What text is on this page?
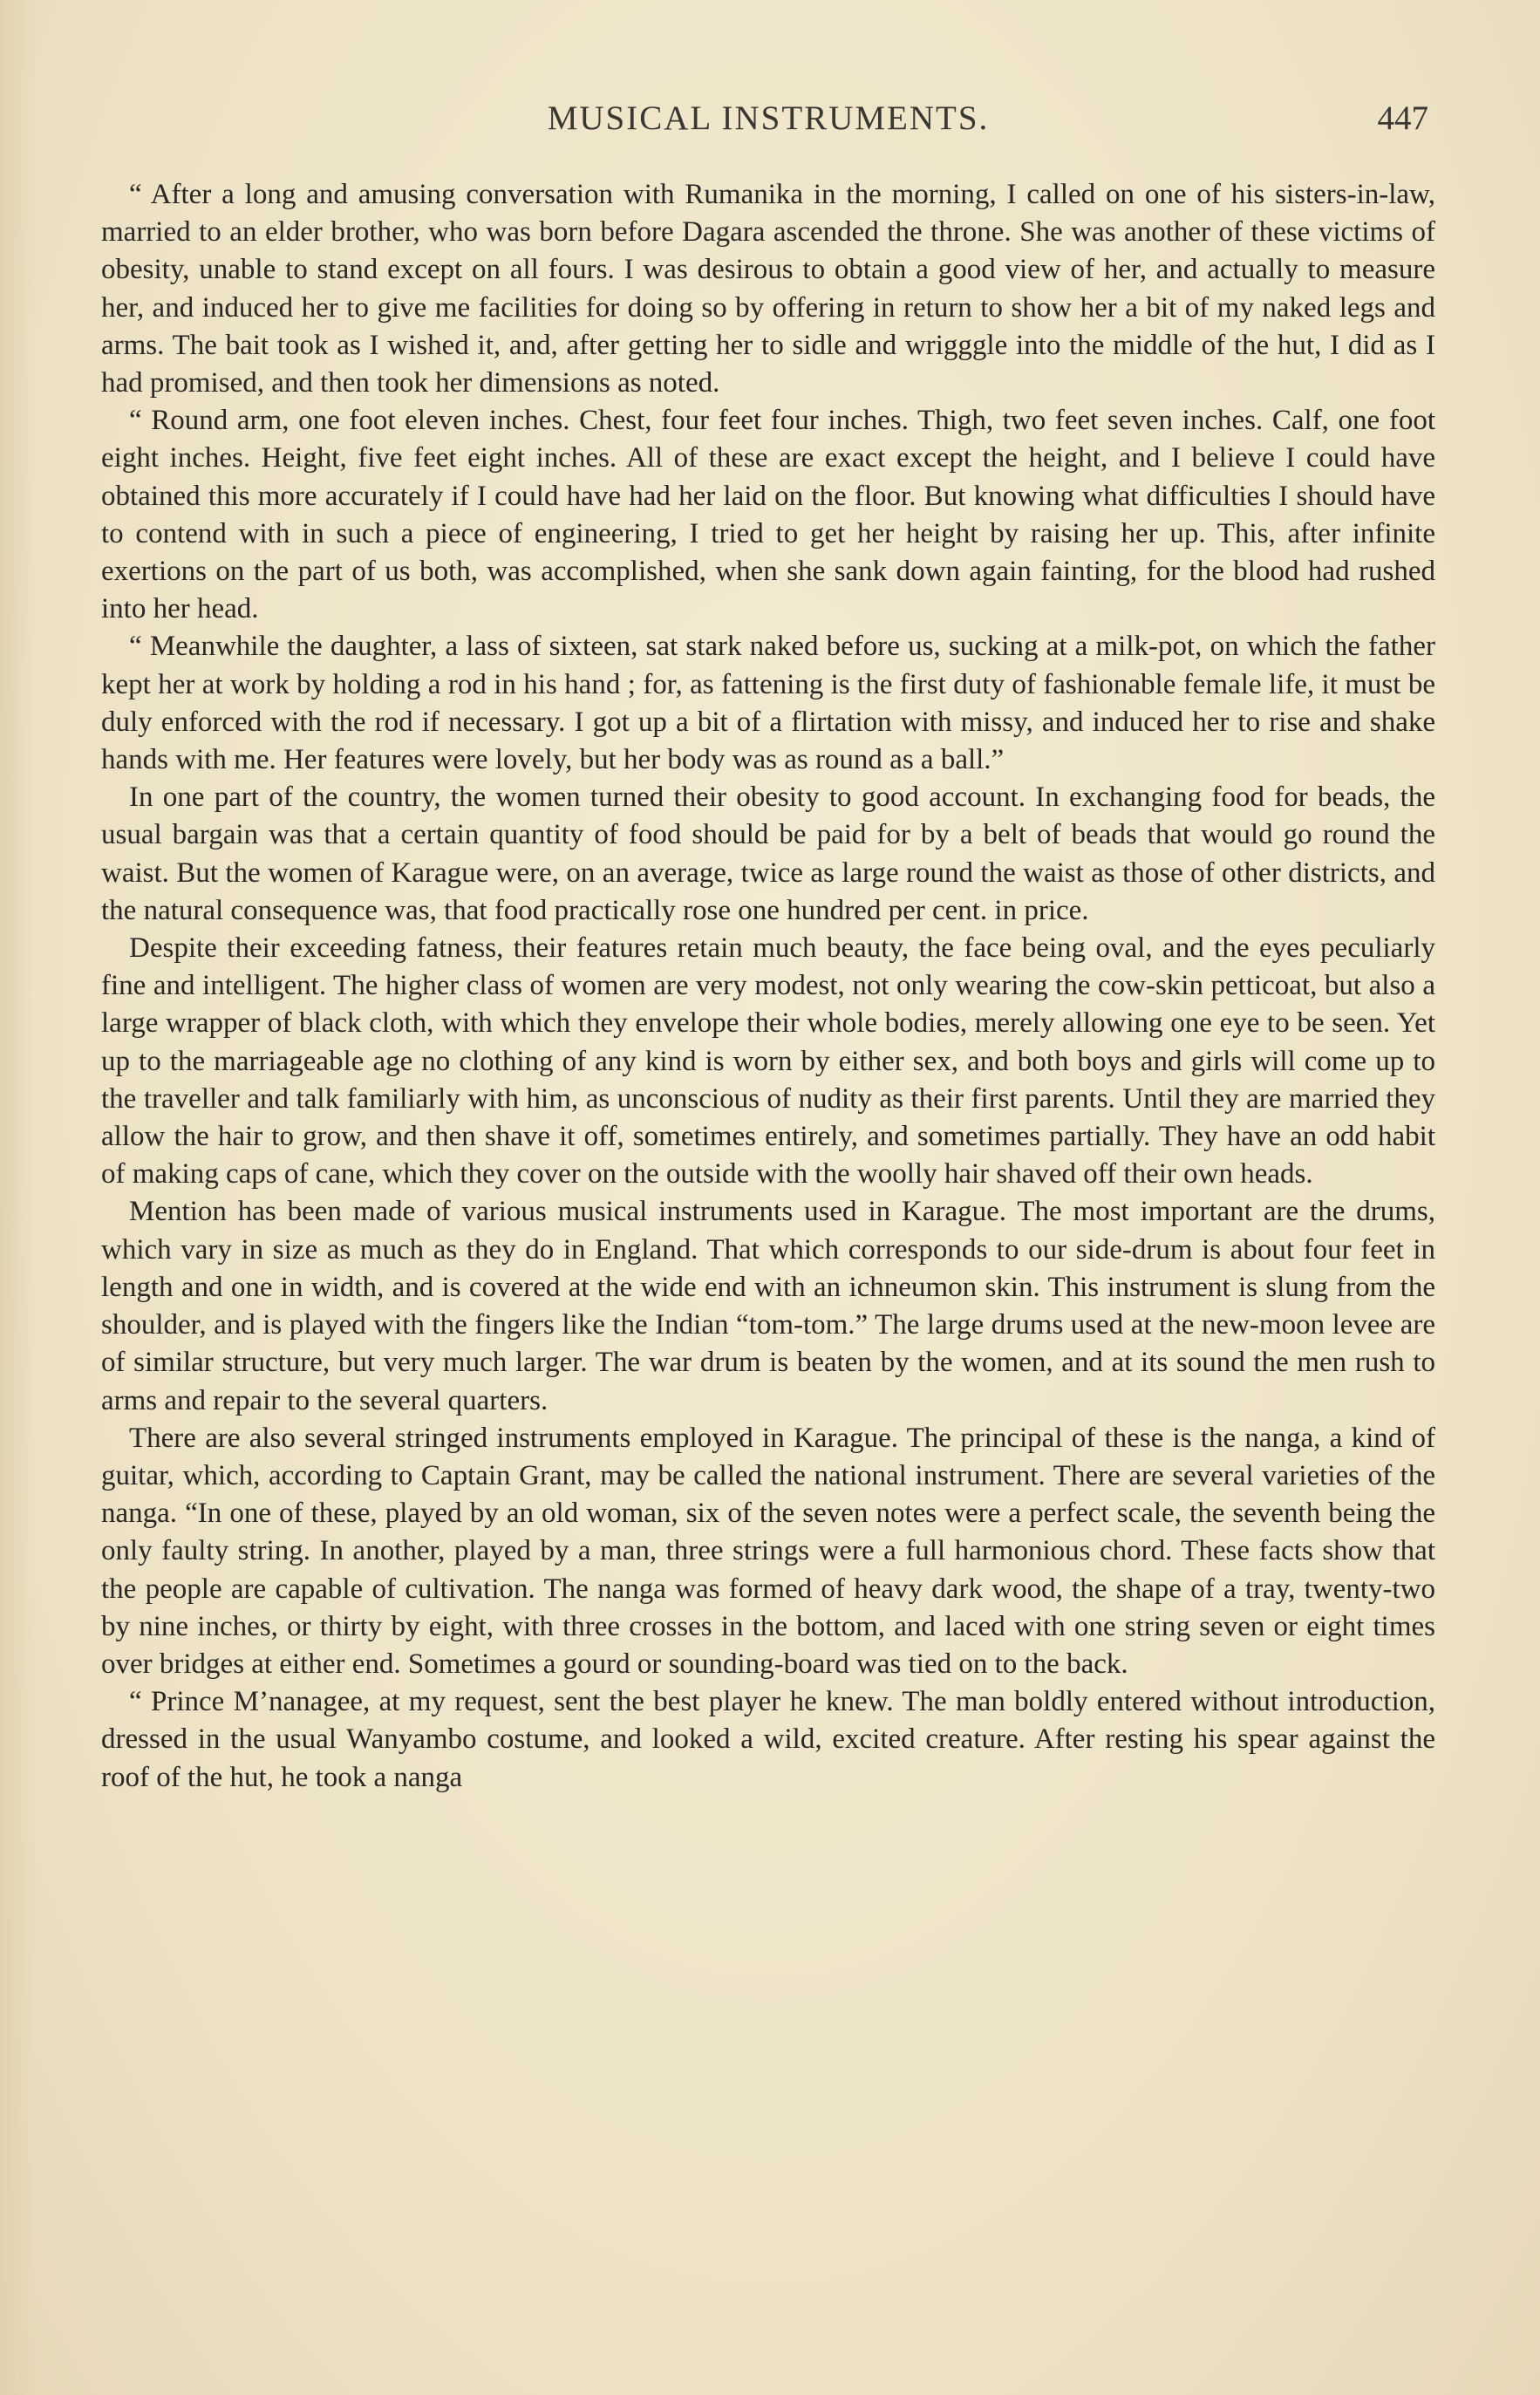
MUSICAL INSTRUMENTS.	447

“ After a long and amusing conversation with Rumanika in the morning, I called on one of his sisters-in-law, married to an elder brother, who was born before Dagara ascended the throne. She was another of these victims of obesity, unable to stand except on all fours. I was desirous to obtain a good view of her, and actually to measure her, and induced her to give me facilities for doing so by offering in return to show her a bit of my naked legs and arms. The bait took as I wished it, and, after getting her to sidle and wrigggle into the middle of the hut, I did as I had promised, and then took her dimensions as noted.

“ Round arm, one foot eleven inches. Chest, four feet four inches. Thigh, two feet seven inches. Calf, one foot eight inches. Height, five feet eight inches. All of these are exact except the height, and I believe I could have obtained this more accurately if I could have had her laid on the floor. But knowing what difficulties I should have to contend with in such a piece of engineering, I tried to get her height by raising her up. This, after infinite exertions on the part of us both, was accomplished, when she sank down again fainting, for the blood had rushed into her head.

“ Meanwhile the daughter, a lass of sixteen, sat stark naked before us, sucking at a milk-pot, on which the father kept her at work by holding a rod in his hand ; for, as fattening is the first duty of fashionable female life, it must be duly enforced with the rod if necessary. I got up a bit of a flirtation with missy, and induced her to rise and shake hands with me. Her features were lovely, but her body was as round as a ball.”

In one part of the country, the women turned their obesity to good account. In exchanging food for beads, the usual bargain was that a certain quantity of food should be paid for by a belt of beads that would go round the waist. But the women of Karague were, on an average, twice as large round the waist as those of other districts, and the natural consequence was, that food practically rose one hundred per cent. in price.

Despite their exceeding fatness, their features retain much beauty, the face being oval, and the eyes peculiarly fine and intelligent. The higher class of women are very modest, not only wearing the cow-skin petticoat, but also a large wrapper of black cloth, with which they envelope their whole bodies, merely allowing one eye to be seen. Yet up to the marriageable age no clothing of any kind is worn by either sex, and both boys and girls will come up to the traveller and talk familiarly with him, as unconscious of nudity as their first parents. Until they are married they allow the hair to grow, and then shave it off, sometimes entirely, and sometimes partially. They have an odd habit of making caps of cane, which they cover on the outside with the woolly hair shaved off their own heads.

Mention has been made of various musical instruments used in Karague. The most important are the drums, which vary in size as much as they do in England. That which corresponds to our side-drum is about four feet in length and one in width, and is covered at the wide end with an ichneumon skin. This instrument is slung from the shoulder, and is played with the fingers like the Indian “tom-tom.” The large drums used at the new-moon levee are of similar structure, but very much larger. The war drum is beaten by the women, and at its sound the men rush to arms and repair to the several quarters.

There are also several stringed instruments employed in Karague. The principal of these is the nanga, a kind of guitar, which, according to Captain Grant, may be called the national instrument. There are several varieties of the nanga. “In one of these, played by an old woman, six of the seven notes were a perfect scale, the seventh being the only faulty string. In another, played by a man, three strings were a full harmonious chord. These facts show that the people are capable of cultivation. The nanga was formed of heavy dark wood, the shape of a tray, twenty-two by nine inches, or thirty by eight, with three crosses in the bottom, and laced with one string seven or eight times over bridges at either end. Sometimes a gourd or sounding-board was tied on to the back.

“ Prince M’nanagee, at my request, sent the best player he knew. The man boldly entered without introduction, dressed in the usual Wanyambo costume, and looked a wild, excited creature. After resting his spear against the roof of the hut, he took a nanga
